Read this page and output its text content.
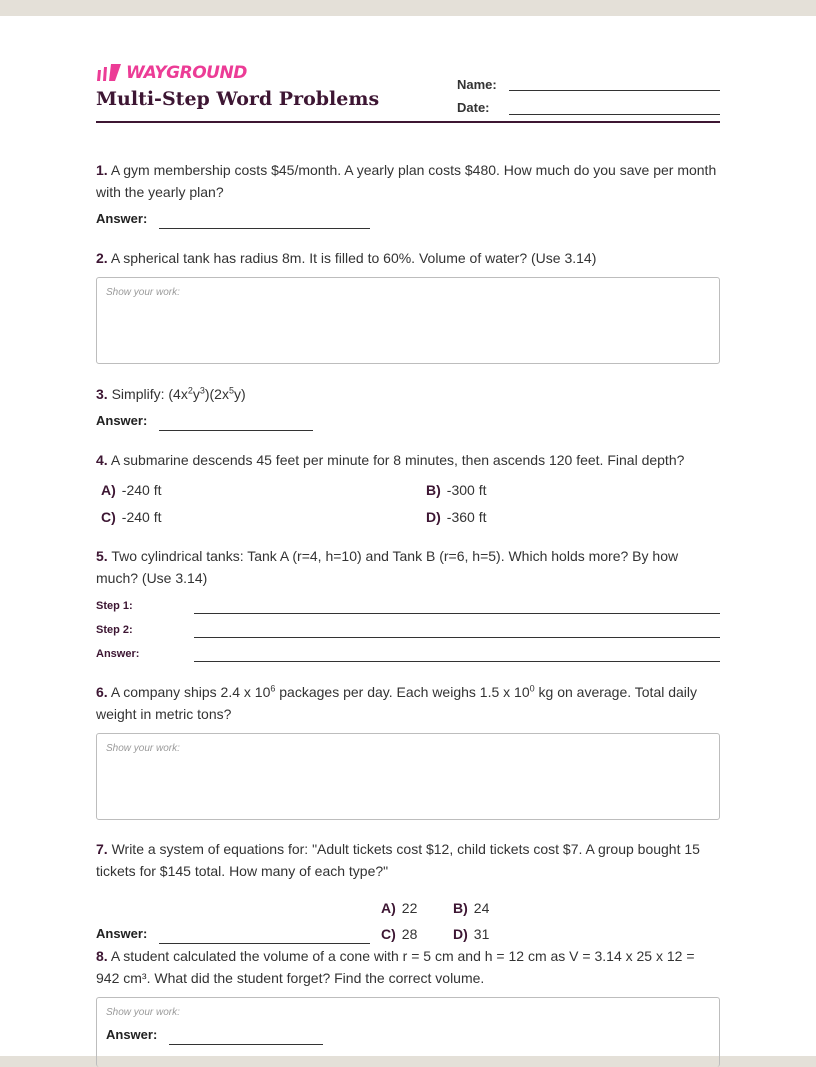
WAYGROUND
Multi-Step Word Problems
Name:
Date:
1. A gym membership costs $45/month. A yearly plan costs $480. How much do you save per month with the yearly plan?
Answer:
2. A spherical tank has radius 8m. It is filled to 60%. Volume of water? (Use 3.14)
Show your work:
3. Simplify: $(4x^2y^3)(2x^5y)$
Answer:
4. A submarine descends 45 feet per minute for 8 minutes, then ascends 120 feet. Final depth?
A) -240 ft	B) -300 ft
C) -240 ft	D) -360 ft
5. Two cylindrical tanks: Tank A (r=4, h=10) and Tank B (r=6, h=5). Which holds more? By how much? (Use 3.14)
Step 1:
Step 2:
Answer:
6. A company ships 2.4 x $10^6$ packages per day. Each weighs 1.5 x $10^0$ kg on average. Total daily weight in metric tons?
Show your work:
7. Write a system of equations for: "Adult tickets cost $12, child tickets cost $7. A group bought 15 tickets for $145 total. How many of each type?"
A) 22	B) 24
C) 28	D) 31
Answer:
8. A student calculated the volume of a cone with r = 5 cm and h = 12 cm as V = 3.14 x 25 x 12 = 942 cm³. What did the student forget? Find the correct volume.
Show your work:
Answer:
